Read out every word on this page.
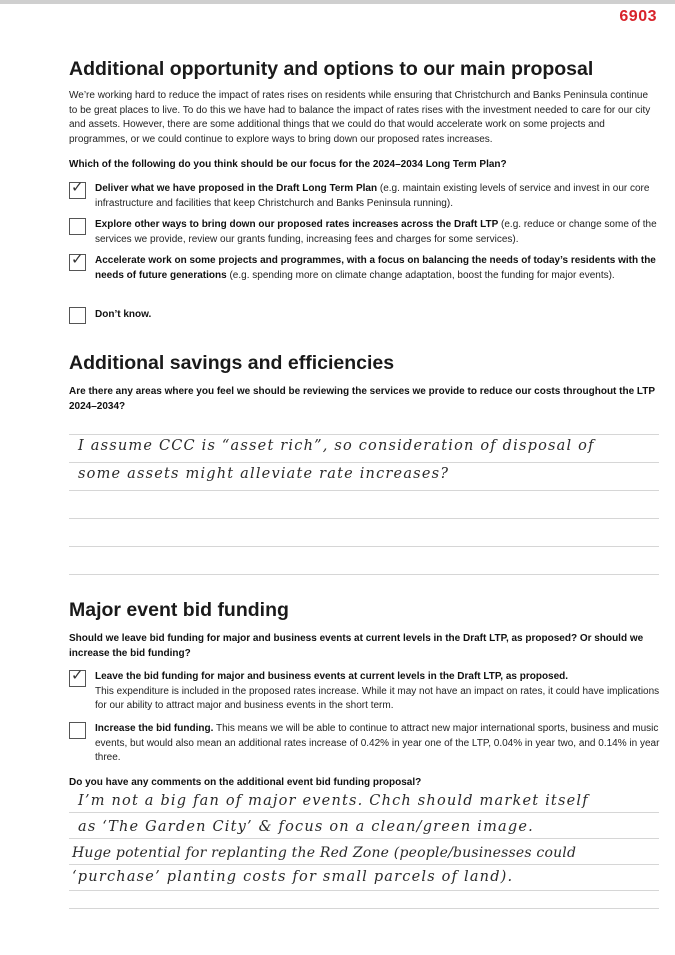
6903
Additional opportunity and options to our main proposal
We’re working hard to reduce the impact of rates rises on residents while ensuring that Christchurch and Banks Peninsula continue to be great places to live. To do this we have had to balance the impact of rates rises with the investment needed to care for our city and assets. However, there are some additional things that we could do that would accelerate work on some projects and programmes, or we could continue to explore ways to bring down our proposed rates increases.
Which of the following do you think should be our focus for the 2024–2034 Long Term Plan?
✓ Deliver what we have proposed in the Draft Long Term Plan (e.g. maintain existing levels of service and invest in our core infrastructure and facilities that keep Christchurch and Banks Peninsula running).
Explore other ways to bring down our proposed rates increases across the Draft LTP (e.g. reduce or change some of the services we provide, review our grants funding, increasing fees and charges for some services).
✓ Accelerate work on some projects and programmes, with a focus on balancing the needs of today’s residents with the needs of future generations (e.g. spending more on climate change adaptation, boost the funding for major events).
Don’t know.
Additional savings and efficiencies
Are there any areas where you feel we should be reviewing the services we provide to reduce our costs throughout the LTP 2024–2034?
I assume CCC is “asset rich”, so consideration of disposal of
some assets might alleviate rate increases?
Major event bid funding
Should we leave bid funding for major and business events at current levels in the Draft LTP, as proposed? Or should we increase the bid funding?
✓ Leave the bid funding for major and business events at current levels in the Draft LTP, as proposed.
This expenditure is included in the proposed rates increase. While it may not have an impact on rates, it could have implications for our ability to attract major and business events in the short term.
Increase the bid funding. This means we will be able to continue to attract new major international sports, business and music events, but would also mean an additional rates increase of 0.42% in year one of the LTP, 0.04% in year two, and 0.14% in year three.
Do you have any comments on the additional event bid funding proposal?
I’m not a big fan of major events. Chch should market itself
as ‘The Garden City’ & focus on a clean/green image.
Huge potential for replanting the Red Zone (people/businesses could
‘purchase’ planting costs for small parcels of land).
